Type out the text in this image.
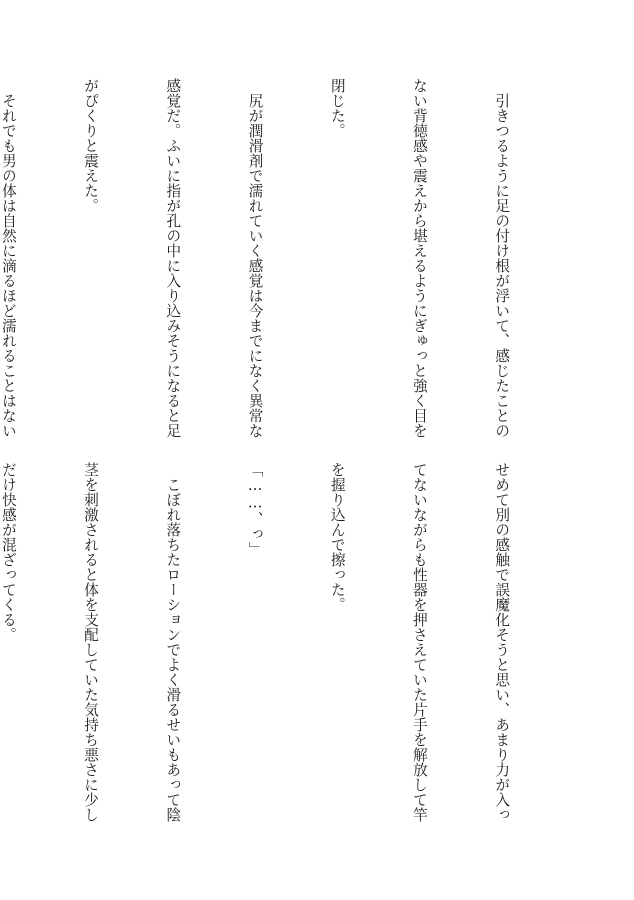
　引きつるように足の付け根が浮いて、感じたことの

ない背徳感や震えから堪えるようにぎゅっと強く目を

閉じた。

　尻が潤滑剤で濡れていく感覚は今までになく異常な

感覚だ。ふいに指が孔の中に入り込みそうになると足

がぴくりと震えた。

　それでも男の体は自然に滴るほど濡れることはない

せめて別の感触で誤魔化そうと思い、あまり力が入っ

てないながらも性器を押さえていた片手を解放して竿

を握り込んで擦った。

「……、っ」

　こぼれ落ちたローションでよく滑るせいもあって陰

茎を刺激されると体を支配していた気持ち悪さに少し

だけ快感が混ざってくる。
